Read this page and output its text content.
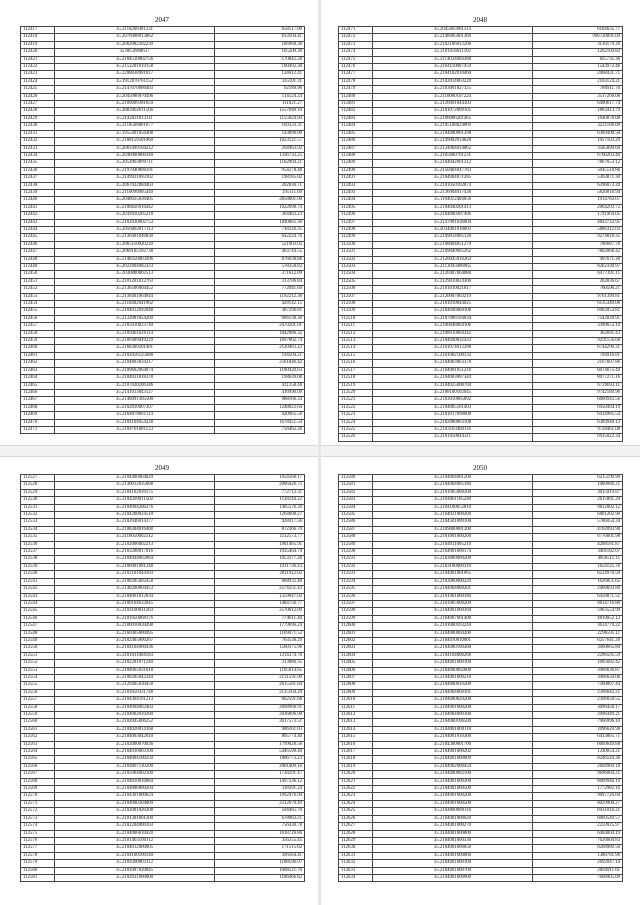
2047
112417	35.2118260381331	658517.00
112418	35.2076908913862	633104.41
112419	35.2082082202239	186968.36
112420	35.0654968637	105200.30
112421	35.2184510062756	170842.28
112422	35.2153201019158	100492.30
112423	35.2208838981817	134612.41
112424	35.1912870761152	335101.31
112425	35.2147070086403	92189.96
112426	35.2045086870496	114524.24
112427	35.2109009381659	111021.27
112428	35.2082002611566	1557840.10
112429	35.2142021013111	1155024.94
112430	35.2118568861077	169333.31
112431	35.1955491056408	143890.00
112432	35.2188159581960	1023121.57
112433	35.2083499104212	294963.92
112434	35.2046000860340	1336733.25
112435	35.2054903099711	1102904.21
112436	35.2197040808391	954278.48
112437	35.2149921093102	198185.02
112438	35.2067022084403	202836.71
112439	35.2110090905440	195111.69
112440	35.2048025036405	2858001.00
112441	35.2106826916442	1022098.74
112442	35.2039410205218	364463.23
112443	35.2102030002753	1840005.36
112444	35.2056002017113	718226.35
112445	35.2136401046830	642224.76
112446	35.2065110020220	521903.05
112447	35.2069105102738	463744.55
112448	35.2148350003496	876038.88
112449	35.2022804083323	578358.82
112450	35.2030800802513	371612.09
112451	35.2101201012763	313706.84
112452	35.2136506004452	772041.69
112453	35.2138401064044	1192212.36
112454	35.2110402041962	428142.15
112455	35.2104012692048	387296.81
112456	35.2132081054260	666138.30
112457	35.2185010023749	2470201.01
112458	35.2109401026114	1042986.32
112459	35.2109409049229	1697802.74
112460	35.2168309201401	2120463.23
112461	35.2102056125088	194504.21
112462	35.2104803034317	2561846.42
112463	35.2109602064874	1180420.63
112464	35.2104031018378	198639.08
112465	35.2107020206346	421258.48
112466	35.2141013043127	416990.09
112467	35.2140091305500	988166.34
112468	35.2102810007207	1248822.64
112469	35.2104070061114	420965.50
112470	35.2104104054228	1678451.54
112471	35.2104701081123	756462.26
2048
112471	35.2045803081314	6104635.77
112472	35.2148005001360	996720091.09
112473	35.2102106012206	3130179.26
112474	35.2101056011102	1202104.83
112475	35.2114034004388	825735.36
112476	35.2104110007459	1543972.46
112477	35.2104102010460	2068431.71
112478	35.2102014063220	2103124.21
112479	35.2103001027125	786911.76
112480	35.2110000107224	3517260.08
112481	35.2126001044103	6490617.74
112482	35.2101072009105	1883413.79
112483	35.2106006201465	1640878.08
112484	35.2105108024069	3221186.09
112485	35.2184080001398	6389490.50
112486	35.2149002014028	1957103.29
112487	35.2134004014062	3585899.69
112488	35.2105600701231	6700203.40
112489	35.2104042001312	7867653.12
112490	35.2150404047783	5045518.86
112491	35.2104004071285	5303871.30
112492	35.2101050102074	6396873.20
112493	35.2136004017438	5826018.94
112494	35.1104012404056	1914783.07
112495	35.2104040201413	2064293.72
112496	35.2104000307496	1791964.05
112497	35.2147001036004	4843733.95
112498	35.2034001010003	5886312.03
112499	35.2109014005128	9274818.35
112500	35.2108004051279	786687.76
112501	35.2109040005262	7802068.42
112502	35.2120045016263	907671.28
112503	35.2113045006965	8262330.97
112504	35.2120407064080	6477391.11
112505	35.2129010024306	262836.67
112506	35.2101010021017	760596.21
112507	35.2120007063219	9761399.81
112508	35.2101010044025	6135349.06
112509	35.2104046060106	6902053.81
112510	35.2107006104034	7542039.91
112511	35.2100048004106	3390653.10
112512	35.2108010004342	362691.43
112513	35.2104040032433	9291156.68
112514	35.2101074012396	6744290.31
112515	35.2101002100132	794916.81
112516	35.2104003063378	2167607.86
112517	35.2104001051218	6074675.49
112518	35.2104003087344	8077271.16
112519	35.2104025008704	6720693.11
112520	35.2108100102045	9742189.96
112521	35.2103010065092	6060943.56
112522	35.2104005101403	6950494.19
112523	35.2101017098008	6434985.54
112524	35.2102080063108	6389940.13
112525	35.2103103400116	9728461.08
112526	35.2101050044311	6935022.34
2049
112527	35.2104400064029	1954568.17
112528	35.2130012035008	2006426.75
112529	35.2104102010175	772712.31
112530	35.2104209011502	1128244.22
112531	35.2104004206276	1485576.39
112532	35.2104200024510	1264898.27
112533	35.2102046014377	928417.56
112534	35.2108304016400	872366.70
112535	35.2110050002312	1112573.77
112536	35.2102006002213	1901485.91
112537	35.2103200017016	1935464.79
112538	35.2104044062064	1053377.26
112539	35.2106001081348	1931736.43
112540	35.2102101044103	2011912.02
112541	35.2108205002458	868932.48
112542	35.2140200004453	2574251.43
112543	35.2104061012034	1359047.02
112544	35.2100104032045	1484756.77
112545	35.2104100011203	2570612.09
112546	35.2101050068176	774611.40
112547	35.2100010030498	1779696.24
112548	35.2160405000495	1169471.52
112549	35.2102405000267	703538.29
112550	35.2104104000436	1560375.96
112551	35.2101011004183	1214374.76
112552	35.2102201071240	313086.35
112553	35.2104065031018	1105614.65
112554	35.2108205042344	2131591.90
112555	35.2129405030458	2615581.84
112556	35.2101050331748	2135104.20
112557	35.2104304101213	602591.68
112558	35.2104004062403	2098968.91
112559	35.2104002010280	2036896.90
112560	35.2102045006252	2617573.51
112561	35.2104020014168	906161.03
112562	35.2104003042010	805774.40
112563	35.2102000070036	1799028.56
112564	35.2104010003100	5446598.40
112565	35.2104004100250	1806773.23
112566	35.2104007110200	2001409.16
112567	35.2105004002100	1728291.47
112568	35.2104010010084	1497236.12
112569	35.2104006000204	318391.24
112570	35.2104301000024	1992476.94
112571	35.2104000304009	2312670.49
112572	35.2102001020208	594485.70
112573	35.2101301001200	678083.21
112574	35.2102204000103	756430.78
112575	35.2104006010420	1618726.86
112576	35.2101403100112	356255.45
112577	35.2104012000005	171515.62
112578	35.2104100100140	396564.41
112579	35.2104300003112	1188596.07
112580	35.2101007020045	1008521.70
112581	35.2102031000000	1186466.82
2050
112580	35.2104004001200	6215199.90
112581	35.2104004005180	1000086.21
112582	35.2101005000300	3015919.87
112583	35.2104061105240	2615001.29
112584	35.2104100052810	9812002.12
112585	35.2104031000200	6801202.90
112586	35.2104501000100	5786054.34
112587	35.2109000001200	4702093.98
112588	35.2101001000200	6776601.98
112589	35.2104011005210	4208181.87
112590	35.2104001000174	3481182.07
112591	35.2103000060200	4056511.11
112592	35.2103100000310	1654125.76
112593	35.2104001001065	6524970.59
112594	35.2103000000220	1626851.65
112595	35.2104004000201	2469693.80
112596	35.2101001000180	6458871.51
112597	35.2101005000209	8814716.80
112598	35.2104001000160	5963554.99
112599	35.2104007001400	4819052.13
112600	35.2101000103244	3614779.22
112601	35.2104000004200	2296591.11
112602	35.2104010010001	6257641.26
112603	35.2104000100300	3960665.80
112604	35.2104104000268	2296595.59
112605	35.2104001000100	1095682.42
112606	35.2104000002000	3966636.87
112607	35.2104001000210	3906650.06
112608	35.2104000016200	7360007.44
112609	35.2104004060101	2396642.21
112610	35.2104000020200	2396650.55
112611	35.2104001000200	3096450.17
112612	35.2104004000100	2096449.21
112613	35.2104000106500	7966996.10
112614	35.2104001000110	2096620.98
112615	35.2104001010300	6413065.71
112616	35.2104300001700	6069649.88
112617	35.2104001000202	1240054.21
112618	35.2104001000009	8246544.36
112619	35.2104002000450	2604969.18
112620	35.2104000002100	9696064.21
112621	35.2104001000300	8009940.19
112622	35.2104001000500	1772982.16
112623	35.2104001000200	9097720.60
112624	35.2104001000500	8029900.27
112625	35.2104000000110	6931016.21
112626	35.2104001000020	6069549.57
112627	35.2104001000270	2259925.97
112628	35.2104001000800	6404004.19
112629	35.2104001000330	7626604.83
112630	35.2104001000050	8268980.56
112631	35.2104001000060	1380781.96
112632	35.2104001000100	2692047.14
112633	35.2104001000700	2084911.61
112634	35.2104001000900	7666905.09
